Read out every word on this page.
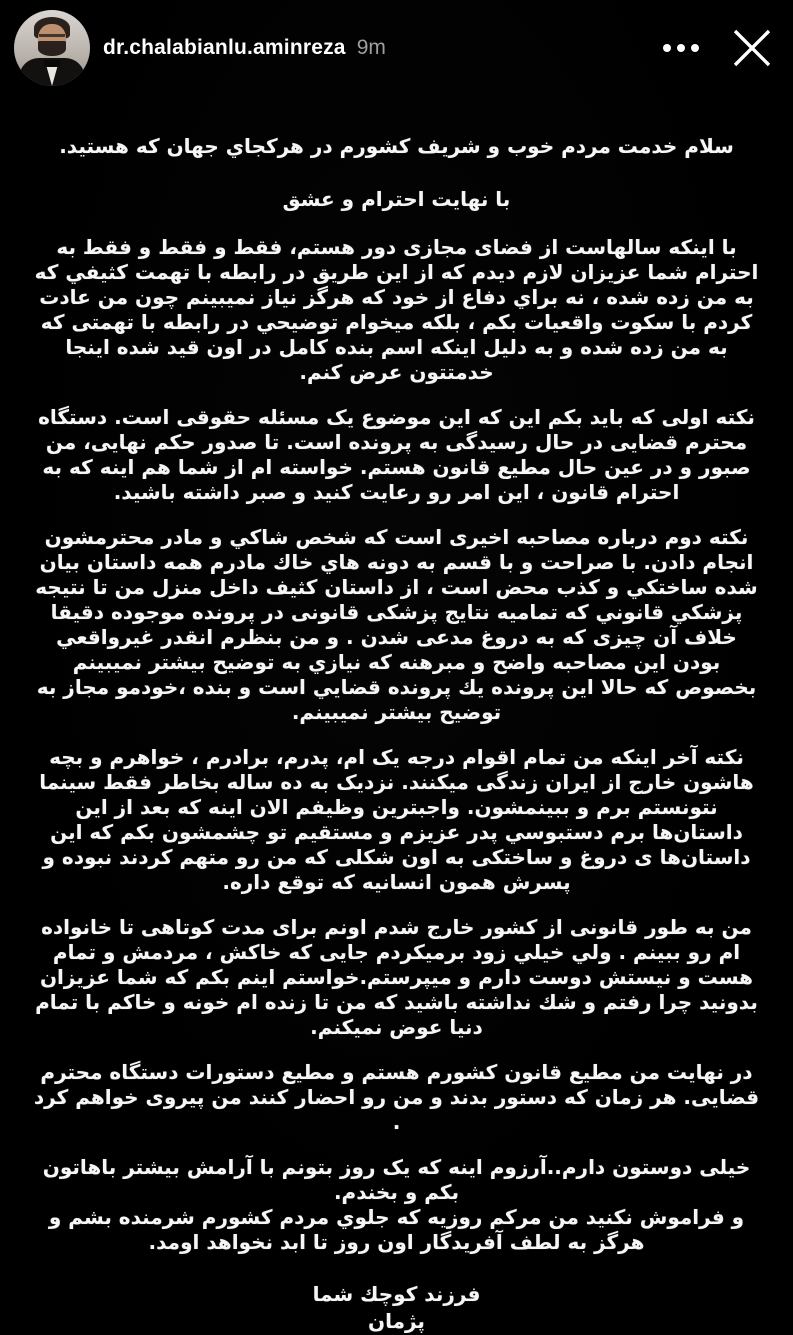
dr.chalabianlu.aminreza 9m
سلام خدمت مردم خوب و شریف کشورم در هرکجاي جهان که هستید.
با نهایت احترام و عشق
با اینکه سالهاست از فضای مجازی دور هستم، فقط و فقط و فقط به احترام شما عزیزان لازم دیدم که از این طریق در رابطه با تهمت کثیفي که به من زده شده ، نه براي دفاع از خود که هرگز نیاز نمیبینم چون من عادت کردم با سکوت واقعیات بکم ، بلکه میخوام توضیحي در رابطه با تهمتی که به من زده شده و به دلیل اینکه اسم بنده کامل در اون قید شده اینجا خدمتتون عرض کنم.
نکته اولی که باید بکم این که این موضوع یک مسئله حقوقی است. دستگاه محترم قضایی در حال رسیدگی به پرونده است. تا صدور حکم نهایی، من صبور و در عین حال مطیع قانون هستم. خواسته ام از شما هم اینه که به احترام قانون ، این امر رو رعایت کنید و صبر داشته باشید.
نکته دوم درباره مصاحبه اخیری است که شخص شاکي و مادر محترمشون انجام دادن. با صراحت و با قسم به دونه هاي خاك مادرم همه داستان بیان شده ساختکي و کذب محض است ، از داستان کثیف داخل منزل من تا نتیجه پزشکي قانوني که تمامیه نتایج پزشکی قانونی در پرونده موجوده دقیقا خلاف آن چیزی که به دروغ مدعی شدن . و من بنظرم انقدر غیرواقعي بودن این مصاحبه واضح و مبرهنه که نیازي به توضیح بیشتر نمیبینم بخصوص که حالا این پرونده یك پرونده قضایي است و بنده ،خودمو مجاز به توضیح بیشتر نمیبینم.
نکته آخر اینکه من تمام اقوام درجه یک ام، پدرم، برادرم ، خواهرم و بچه هاشون خارج از ایران زندگی میکنند. نزدیک به ده ساله بخاطر فقط سینما نتونستم برم و ببینمشون. واجبترین وظیفم الان اینه که بعد از این داستان‌ها برم دستبوسي پدر عزیزم و مستقیم تو چشمشون بکم که این داستان‌ها ی دروغ و ساختکی به اون شکلی که من رو متهم کردند نبوده و پسرش همون انسانیه که توقع داره.
من به طور قانونی از کشور خارج شدم اونم برای مدت کوتاهی تا خانواده ام رو ببینم . ولي خیلي زود برمیکردم جایی که خاکش ، مردمش و تمام هست و نیستش دوست دارم و میپرستم.خواستم اینم بکم که شما عزیزان بدونید چرا رفتم و شك نداشته باشید که من تا زنده ام خونه و خاکم با تمام دنیا عوض نمیکنم.
در نهایت من مطیع قانون کشورم هستم و مطیع دستورات دستگاه محترم قضایی. هر زمان که دستور بدند و من رو احضار کنند من پیروی خواهم کرد .
خیلی دوستون دارم..آرزوم اینه که یک روز بتونم با آرامش بیشتر باهاتون بکم و بخندم.
و فراموش نکنید من مرکم روزیه که جلوي مردم کشورم شرمنده بشم و هرگز به لطف آفریدگار اون روز تا ابد نخواهد اومد.
فرزند کوچك شما
پژمان
